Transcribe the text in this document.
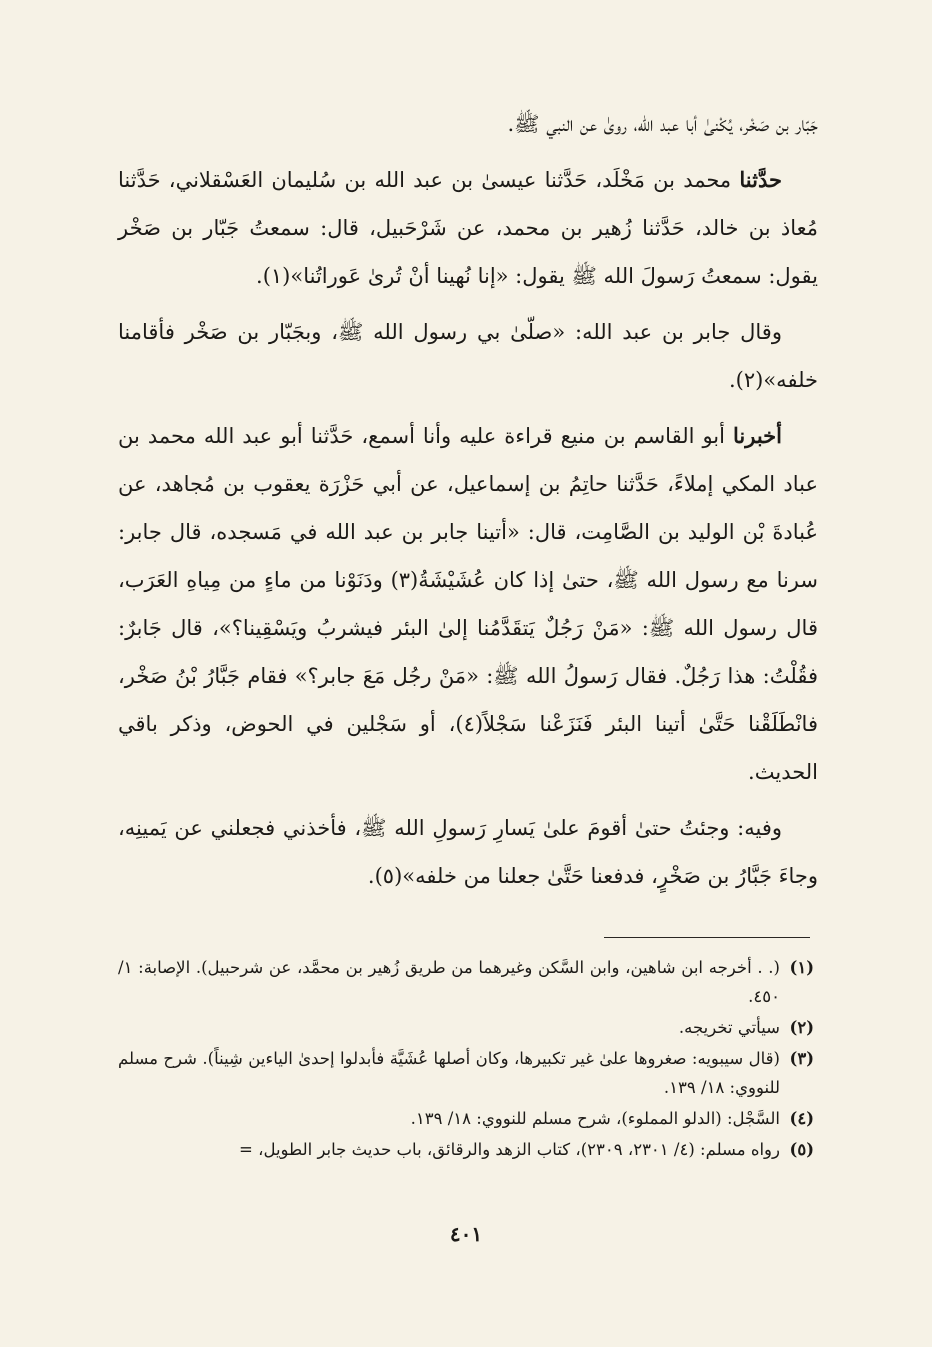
جَبّار بن صَخْر، يُكْنىٰ أبا عبد الله، روىٰ عن النبي ﷺ.

حدَّثنا محمد بن مَخْلَد، حَدَّثنا عيسىٰ بن عبد الله بن سُليمان العَسْقلاني، حَدَّثنا مُعاذ بن خالد، حَدَّثنا زُهير بن محمد، عن شَرْحَبيل، قال: سمعتُ جَبّار بن صَخْر يقول: سمعتُ رَسولَ الله ﷺ يقول: «إنا نُهينا أنْ تُرىٰ عَوراتُنا»(١).

وقال جابر بن عبد الله: «صلّىٰ بي رسول الله ﷺ، وبجَبّار بن صَخْر فأقامنا خلفه»(٢).

أخبرنا أبو القاسم بن منيع قراءة عليه وأنا أسمع، حَدَّثنا أبو عبد الله محمد بن عباد المكي إملاءً، حَدَّثنا حاتِمُ بن إسماعيل، عن أبي حَزْرَة يعقوب بن مُجاهد، عن عُبادةَ بْن الوليد بن الصَّامِت، قال: «أتينا جابر بن عبد الله في مَسجده، قال جابر: سرنا مع رسول الله ﷺ، حتىٰ إذا كان عُشَيْشَةُ(٣) ودَنَوْنا من ماءٍ من مِياهِ العَرَب، قال رسول الله ﷺ: «مَنْ رَجُلٌ يَتقَدَّمُنا إلىٰ البئر فيشربُ ويَسْقِينا؟»، قال جَابرٌ: فقُلْتُ: هذا رَجُلٌ. فقال رَسولُ الله ﷺ: «مَنْ رجُل مَعَ جابر؟» فقام جَبَّارُ بْنُ صَخْر، فانْطَلَقْنا حَتَّىٰ أتينا البئر فَنَزَعْنا سَجْلاً(٤)، أو سَجْلين في الحوض، وذكر باقي الحديث.

وفيه: وجئتُ حتىٰ أقومَ علىٰ يَسارِ رَسولِ الله ﷺ، فأخذني فجعلني عن يَمينِه، وجاءَ جَبَّارُ بن صَخْرٍ، فدفعنا حَتَّىٰ جعلنا من خلفه»(٥).

(١)
(. . أخرجه ابن شاهين، وابن السَّكن وغيرهما من طريق زُهير بن محمَّد، عن شرحبيل). الإصابة: ١/ ٤٥٠.
(٢)
سيأتي تخريجه.
(٣)
(قال سيبويه: صغروها علىٰ غير تكبيرها، وكان أصلها عُشَيَّة فأبدلوا إحدىٰ الياءين شِيناً). شرح مسلم للنووي: ١٨/ ١٣٩.
(٤)
السَّجْل: (الدلو المملوء)، شرح مسلم للنووي: ١٨/ ١٣٩.
(٥)
رواه مسلم: (٤/ ٢٣٠١، ٢٣٠٩)، كتاب الزهد والرقائق، باب حديث جابر الطويل، =
٤٠١
